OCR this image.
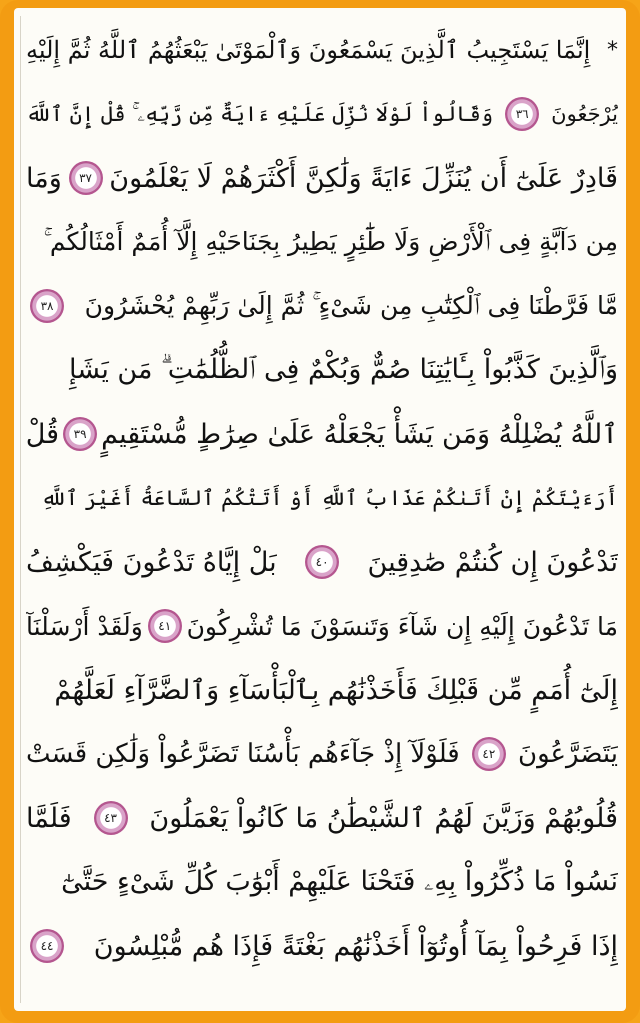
*
إِنَّمَا يَسْتَجِيبُ ٱلَّذِينَ يَسْمَعُونَ وَٱلْمَوْتَىٰ يَبْعَثُهُمُ ٱللَّهُ ثُمَّ إِلَيْهِ
يُرْجَعُونَ
٣٦
وَقَالُواْ لَوْلَا نُزِّلَ عَلَيْهِ ءَايَةٌ مِّن رَّبِّهِۦ ۚ قُلْ إِنَّ ٱللَّهَ
قَادِرٌ عَلَىٰٓ أَن يُنَزِّلَ ءَايَةً وَلَٰكِنَّ أَكْثَرَهُمْ لَا يَعْلَمُونَ
٣٧
وَمَا
مِن دَآبَّةٍ فِى ٱلْأَرْضِ وَلَا طَٰٓئِرٍ يَطِيرُ بِجَنَاحَيْهِ إِلَّآ أُمَمٌ أَمْثَالُكُم ۚ
مَّا فَرَّطْنَا فِى ٱلْكِتَٰبِ مِن شَىْءٍ ۚ ثُمَّ إِلَىٰ رَبِّهِمْ يُحْشَرُونَ
٣٨
وَٱلَّذِينَ كَذَّبُواْ بِـَٔايَٰتِنَا صُمٌّ وَبُكْمٌ فِى ٱلظُّلُمَٰتِ ۗ مَن يَشَإِ
ٱللَّهُ يُضْلِلْهُ وَمَن يَشَأْ يَجْعَلْهُ عَلَىٰ صِرَٰطٍ مُّسْتَقِيمٍ
٣٩
قُلْ
أَرَءَيْتَكُمْ إِنْ أَتَىٰكُمْ عَذَابُ ٱللَّهِ أَوْ أَتَتْكُمُ ٱلسَّاعَةُ أَغَيْرَ ٱللَّهِ
تَدْعُونَ إِن كُنتُمْ صَٰدِقِينَ
٤٠
بَلْ إِيَّاهُ تَدْعُونَ فَيَكْشِفُ
مَا تَدْعُونَ إِلَيْهِ إِن شَآءَ وَتَنسَوْنَ مَا تُشْرِكُونَ
٤١
وَلَقَدْ أَرْسَلْنَآ
إِلَىٰٓ أُمَمٍ مِّن قَبْلِكَ فَأَخَذْنَٰهُم بِٱلْبَأْسَآءِ وَٱلضَّرَّآءِ لَعَلَّهُمْ
يَتَضَرَّعُونَ
٤٢
فَلَوْلَآ إِذْ جَآءَهُم بَأْسُنَا تَضَرَّعُواْ وَلَٰكِن قَسَتْ
قُلُوبُهُمْ وَزَيَّنَ لَهُمُ ٱلشَّيْطَٰنُ مَا كَانُواْ يَعْمَلُونَ
٤٣
فَلَمَّا
نَسُواْ مَا ذُكِّرُواْ بِهِۦ فَتَحْنَا عَلَيْهِمْ أَبْوَٰبَ كُلِّ شَىْءٍ حَتَّىٰٓ
إِذَا فَرِحُواْ بِمَآ أُوتُوٓاْ أَخَذْنَٰهُم بَغْتَةً فَإِذَا هُم مُّبْلِسُونَ
٤٤
